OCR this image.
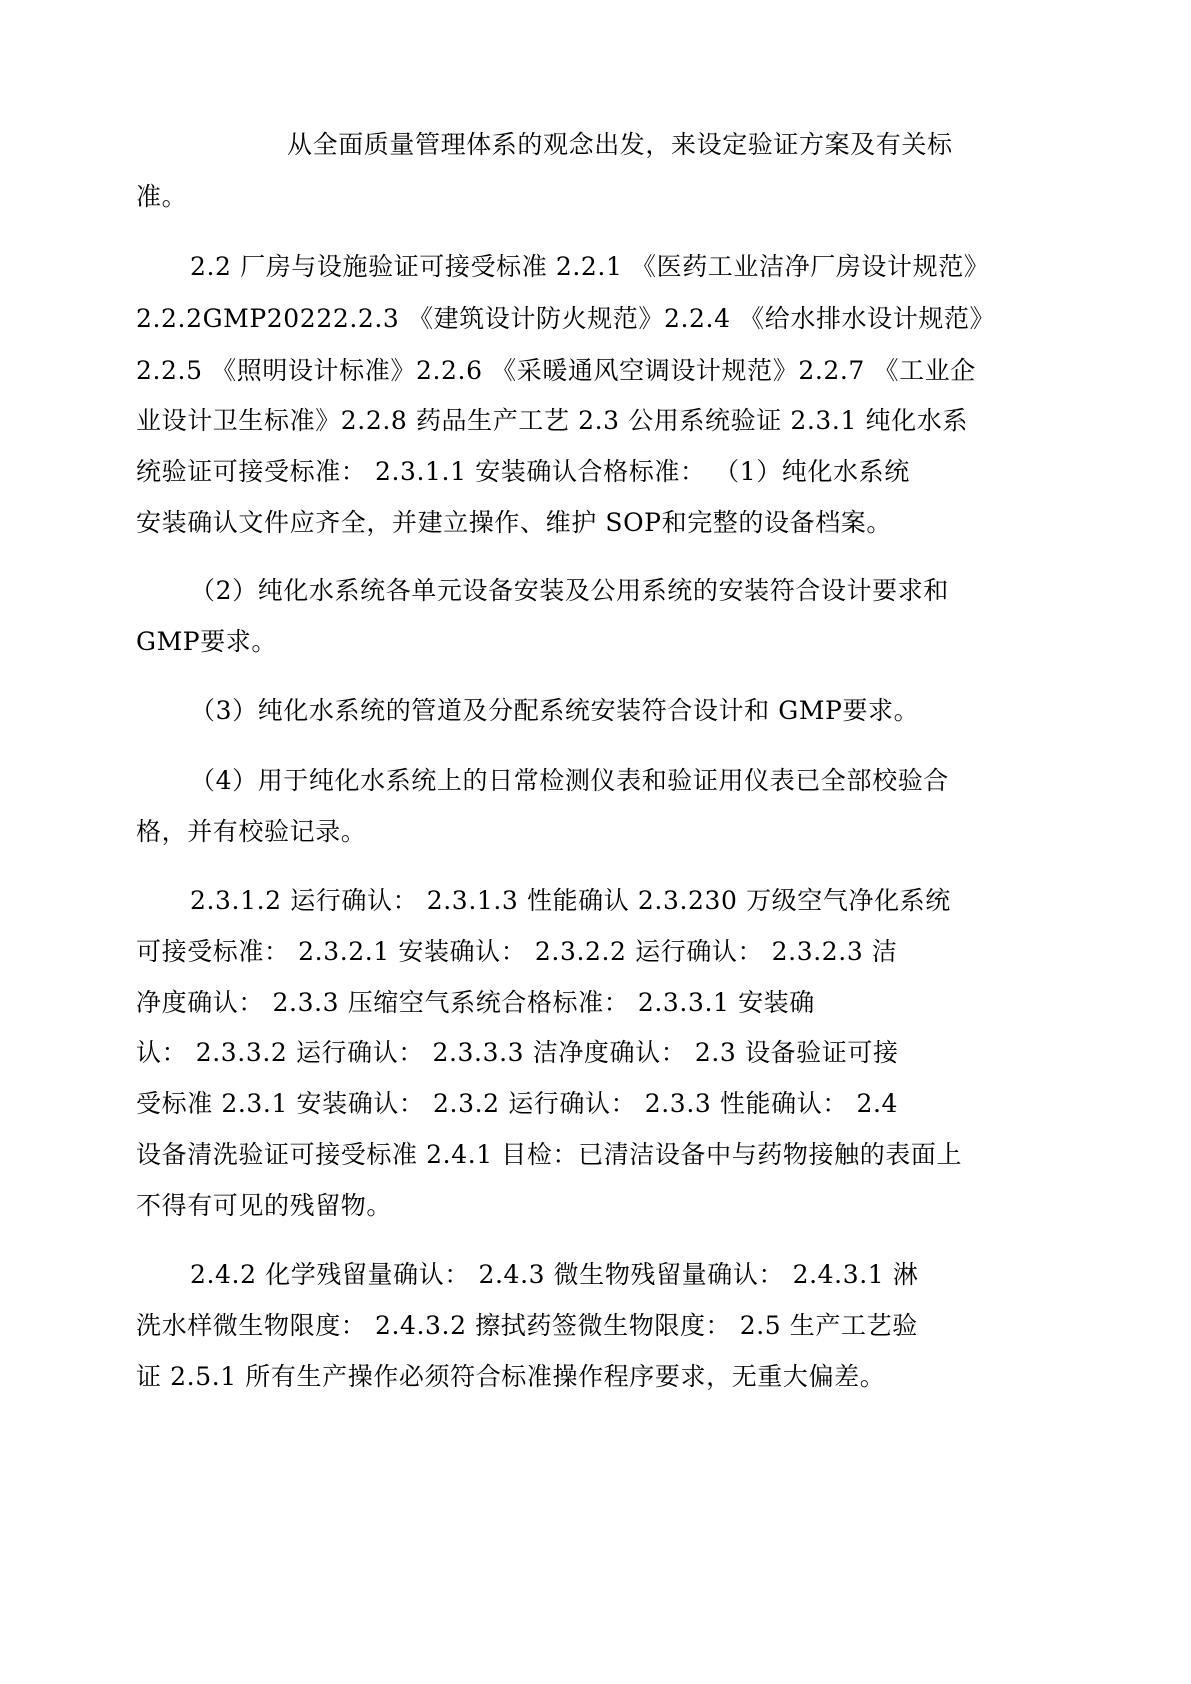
从全面质量管理体系的观念出发，来设定验证方案及有关标
准。
2.2 厂房与设施验证可接受标准 2.2.1 《医药工业洁净厂房设计规范》
2.2.2GMP20222.2.3 《建筑设计防火规范》2.2.4 《给水排水设计规范》
2.2.5 《照明设计标准》2.2.6 《采暖通风空调设计规范》2.2.7 《工业企
业设计卫生标准》2.2.8 药品生产工艺 2.3 公用系统验证 2.3.1 纯化水系
统验证可接受标准： 2.3.1.1 安装确认合格标准： （1）纯化水系统
安装确认文件应齐全，并建立操作、维护 SOP和完整的设备档案。
（2）纯化水系统各单元设备安装及公用系统的安装符合设计要求和
GMP要求。
（3）纯化水系统的管道及分配系统安装符合设计和 GMP要求。
（4）用于纯化水系统上的日常检测仪表和验证用仪表已全部校验合
格，并有校验记录。
2.3.1.2 运行确认： 2.3.1.3 性能确认 2.3.230 万级空气净化系统
可接受标准： 2.3.2.1 安装确认： 2.3.2.2 运行确认： 2.3.2.3 洁
净度确认： 2.3.3 压缩空气系统合格标准： 2.3.3.1 安装确
认： 2.3.3.2 运行确认： 2.3.3.3 洁净度确认： 2.3 设备验证可接
受标准 2.3.1 安装确认： 2.3.2 运行确认： 2.3.3 性能确认： 2.4
设备清洗验证可接受标准 2.4.1 目检：已清洁设备中与药物接触的表面上
不得有可见的残留物。
2.4.2 化学残留量确认： 2.4.3 微生物残留量确认： 2.4.3.1 淋
洗水样微生物限度： 2.4.3.2 擦拭药签微生物限度： 2.5 生产工艺验
证 2.5.1 所有生产操作必须符合标准操作程序要求，无重大偏差。
